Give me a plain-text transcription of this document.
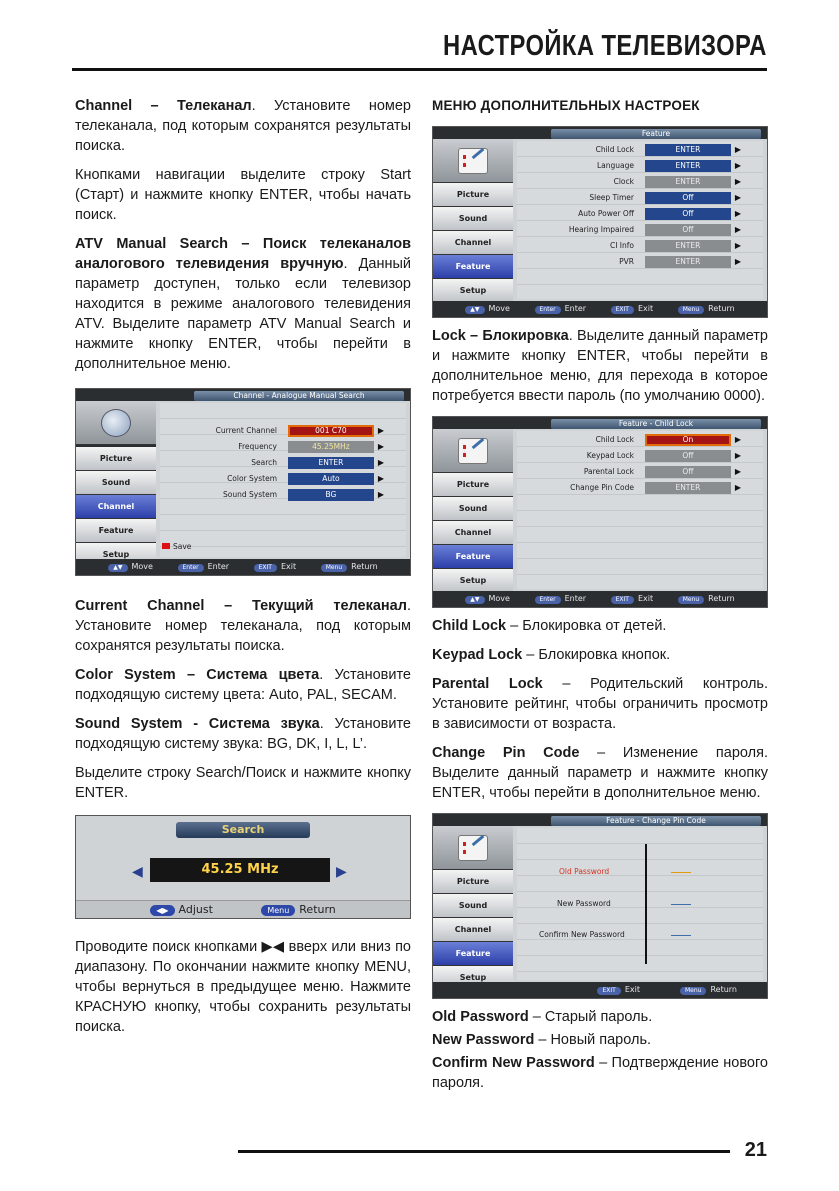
НАСТРОЙКА ТЕЛЕВИЗОРА

Channel – Телеканал. Установите номер телеканала, под которым сохранятся результаты поиска.

Кнопками навигации выделите строку Start (Старт) и нажмите кнопку ENTER, чтобы начать поиск.

ATV Manual Search – Поиск телеканалов аналогового телевидения вручную. Данный параметр доступен, только если телевизор находится в режиме аналогового телевидения ATV. Выделите параметр ATV Manual Search и нажмите кнопку ENTER, чтобы перейти в дополнительное меню.

Channel - Analogue Manual Search
Picture
Sound
Channel
Feature
Setup
Current Channel	001 C70	▶
Frequency	45.25MHz	▶
Search	ENTER	▶
Color System	Auto	▶
Sound System	BG	▶
Save
▲▼ Move	Enter Enter	EXIT Exit	Menu Return

Current Channel – Текущий телеканал. Установите номер телеканала, под которым сохранятся результаты поиска.

Color System – Система цвета. Установите подходящую систему цвета: Auto, PAL, SECAM.

Sound System - Система звука. Установите подходящую систему звука: BG, DK, I, L, L’.

Выделите строку Search/Поиск и нажмите кнопку ENTER.

Search
◀	45.25 MHz	▶
◀▶ Adjust	Menu Return

Проводите поиск кнопками ▶◀ вверх или вниз по диапазону. По окончании нажмите кнопку MENU, чтобы вернуться в предыдущее меню. Нажмите КРАСНУЮ кнопку, чтобы сохранить результаты поиска.

МЕНЮ ДОПОЛНИТЕЛЬНЫХ НАСТРОЕК
Feature
Picture
Sound
Channel
Feature
Setup
Child Lock	ENTER	▶
Language	ENTER	▶
Clock	ENTER	▶
Sleep Timer	Off	▶
Auto Power Off	Off	▶
Hearing Impaired	Off	▶
CI Info	ENTER	▶
PVR	ENTER	▶
▲▼ Move	Enter Enter	EXIT Exit	Menu Return

Lock – Блокировка. Выделите данный параметр и нажмите кнопку ENTER, чтобы перейти в дополнительное меню, для перехода в которое потребуется ввести пароль (по умолчанию 0000).

Feature - Child Lock
Picture
Sound
Channel
Feature
Setup
Child Lock	On	▶
Keypad Lock	Off	▶
Parental Lock	Off	▶
Change Pin Code	ENTER	▶
▲▼ Move	Enter Enter	EXIT Exit	Menu Return

Child Lock – Блокировка от детей.

Keypad Lock – Блокировка кнопок.

Parental Lock – Родительский контроль. Установите рейтинг, чтобы ограничить просмотр в зависимости от возраста.

Change Pin Code – Изменение пароля. Выделите данный параметр и нажмите кнопку ENTER, чтобы перейти в дополнительное меню.

Feature - Change Pin Code
Picture
Sound
Channel
Feature
Setup
Old Password
New Password
Confirm New Password
EXIT Exit	Menu Return

Old Password – Старый пароль.

New Password – Новый пароль.

Confirm New Password – Подтверждение нового пароля.

21
